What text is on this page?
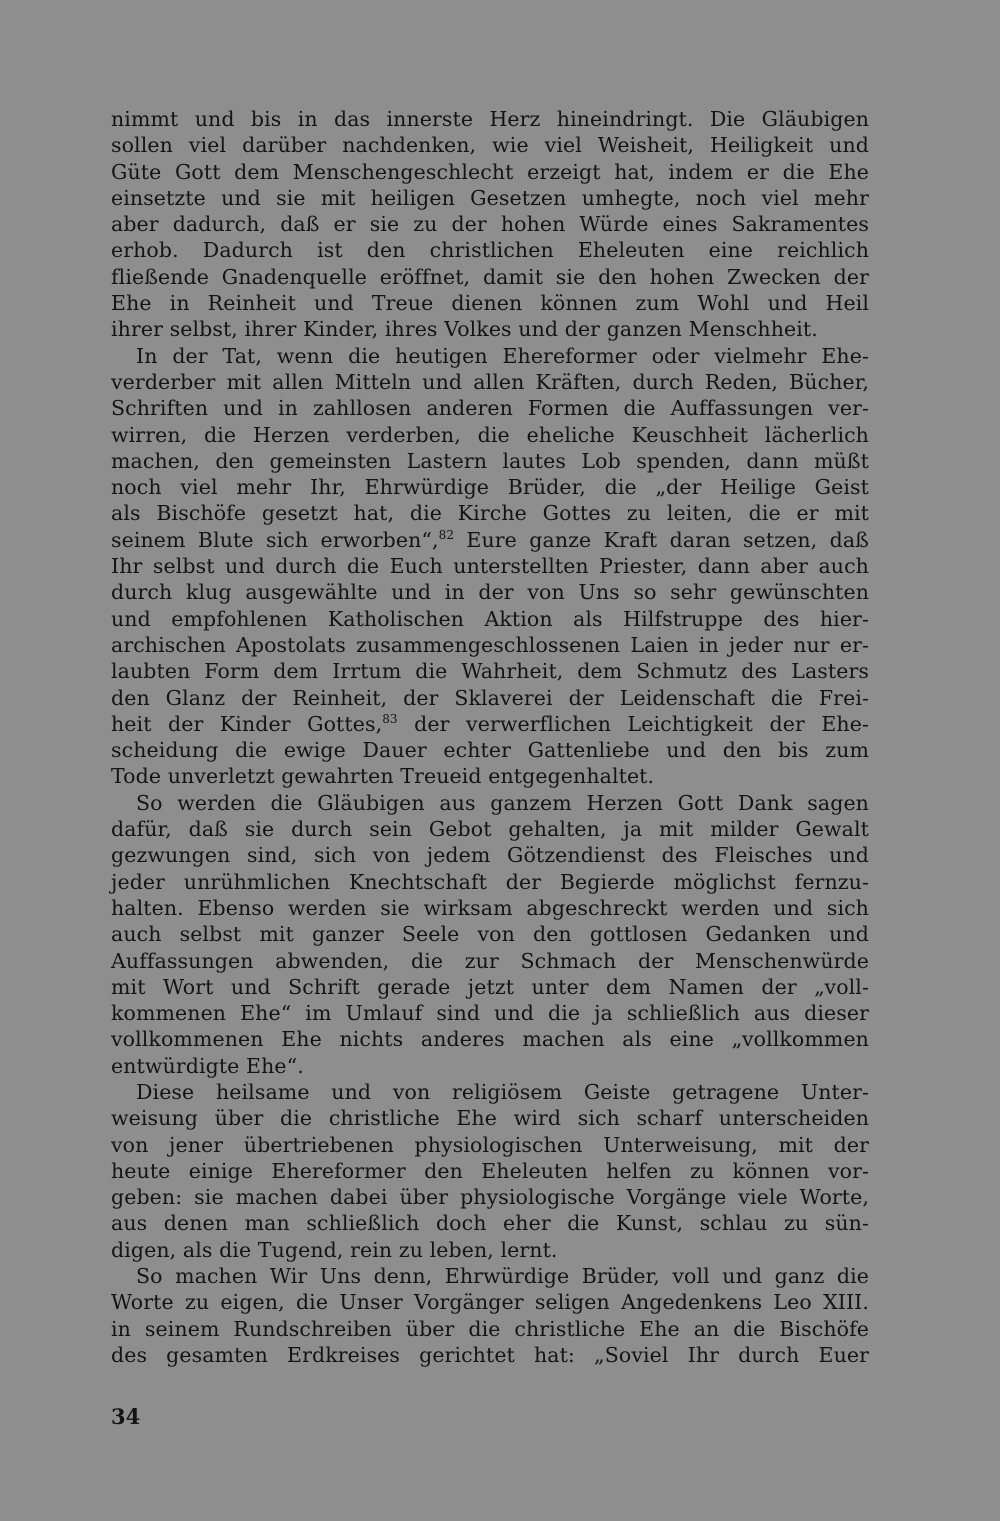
nimmt und bis in das innerste Herz hineindringt. Die Gläubigen
sollen viel darüber nachdenken, wie viel Weisheit, Heiligkeit und
Güte Gott dem Menschengeschlecht erzeigt hat, indem er die Ehe
einsetzte und sie mit heiligen Gesetzen umhegte, noch viel mehr
aber dadurch, daß er sie zu der hohen Würde eines Sakramentes
erhob. Dadurch ist den christlichen Eheleuten eine reichlich
fließende Gnadenquelle eröffnet, damit sie den hohen Zwecken der
Ehe in Reinheit und Treue dienen können zum Wohl und Heil
ihrer selbst, ihrer Kinder, ihres Volkes und der ganzen Menschheit.
In der Tat, wenn die heutigen Ehereformer oder vielmehr Ehe-
verderber mit allen Mitteln und allen Kräften, durch Reden, Bücher,
Schriften und in zahllosen anderen Formen die Auffassungen ver-
wirren, die Herzen verderben, die eheliche Keuschheit lächerlich
machen, den gemeinsten Lastern lautes Lob spenden, dann müßt
noch viel mehr Ihr, Ehrwürdige Brüder, die „der Heilige Geist
als Bischöfe gesetzt hat, die Kirche Gottes zu leiten, die er mit
seinem Blute sich erworben“,$^{82}$ Eure ganze Kraft daran setzen, daß
Ihr selbst und durch die Euch unterstellten Priester, dann aber auch
durch klug ausgewählte und in der von Uns so sehr gewünschten
und empfohlenen Katholischen Aktion als Hilfstruppe des hier-
archischen Apostolats zusammengeschlossenen Laien in jeder nur er-
laubten Form dem Irrtum die Wahrheit, dem Schmutz des Lasters
den Glanz der Reinheit, der Sklaverei der Leidenschaft die Frei-
heit der Kinder Gottes,$^{83}$ der verwerflichen Leichtigkeit der Ehe-
scheidung die ewige Dauer echter Gattenliebe und den bis zum
Tode unverletzt gewahrten Treueid entgegenhaltet.
So werden die Gläubigen aus ganzem Herzen Gott Dank sagen
dafür, daß sie durch sein Gebot gehalten, ja mit milder Gewalt
gezwungen sind, sich von jedem Götzendienst des Fleisches und
jeder unrühmlichen Knechtschaft der Begierde möglichst fernzu-
halten. Ebenso werden sie wirksam abgeschreckt werden und sich
auch selbst mit ganzer Seele von den gottlosen Gedanken und
Auffassungen abwenden, die zur Schmach der Menschenwürde
mit Wort und Schrift gerade jetzt unter dem Namen der „voll-
kommenen Ehe“ im Umlauf sind und die ja schließlich aus dieser
vollkommenen Ehe nichts anderes machen als eine „vollkommen
entwürdigte Ehe“.
Diese heilsame und von religiösem Geiste getragene Unter-
weisung über die christliche Ehe wird sich scharf unterscheiden
von jener übertriebenen physiologischen Unterweisung, mit der
heute einige Ehereformer den Eheleuten helfen zu können vor-
geben: sie machen dabei über physiologische Vorgänge viele Worte,
aus denen man schließlich doch eher die Kunst, schlau zu sün-
digen, als die Tugend, rein zu leben, lernt.
So machen Wir Uns denn, Ehrwürdige Brüder, voll und ganz die
Worte zu eigen, die Unser Vorgänger seligen Angedenkens Leo XIII.
in seinem Rundschreiben über die christliche Ehe an die Bischöfe
des gesamten Erdkreises gerichtet hat: „Soviel Ihr durch Euer
34
